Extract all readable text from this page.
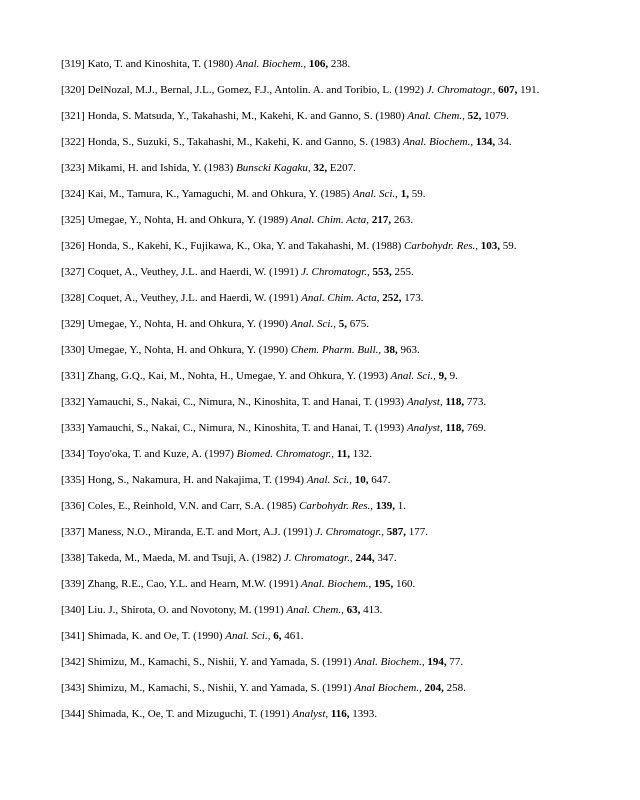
[319] Kato, T. and Kinoshita, T. (1980) Anal. Biochem., 106, 238.
[320] DelNozal, M.J., Bernal, J.L., Gomez, F.J., Antolin. A. and Toribio, L. (1992) J. Chromatogr., 607, 191.
[321] Honda, S. Matsuda, Y., Takahashi, M., Kakehi, K. and Ganno, S. (1980) Anal. Chem., 52, 1079.
[322] Honda, S., Suzuki, S., Takahashi, M., Kakehi, K. and Ganno, S. (1983) Anal. Biochem., 134, 34.
[323] Mikami, H. and Ishida, Y. (1983) Bunscki Kagaku, 32, E207.
[324] Kai, M., Tamura, K., Yamaguchi, M. and Ohkura, Y. (1985) Anal. Sci., 1, 59.
[325] Umegae, Y., Nohta, H. and Ohkura, Y. (1989) Anal. Chim. Acta, 217, 263.
[326] Honda, S., Kakehi, K., Fujikawa, K., Oka, Y. and Takahashi, M. (1988) Carbohydr. Res., 103, 59.
[327] Coquet, A., Veuthey, J.L. and Haerdi, W. (1991) J. Chromatogr., 553, 255.
[328] Coquet, A., Veuthey, J.L. and Haerdi, W. (1991) Anal. Chim. Acta, 252, 173.
[329] Umegae, Y., Nohta, H. and Ohkura, Y. (1990) Anal. Sci., 5, 675.
[330] Umegae, Y., Nohta, H. and Ohkura, Y. (1990) Chem. Pharm. Bull., 38, 963.
[331] Zhang, G.Q., Kai, M., Nohta, H., Umegae, Y. and Ohkura, Y. (1993) Anal. Sci., 9, 9.
[332] Yamauchi, S., Nakai, C., Nimura, N., Kinoshita, T. and Hanai, T. (1993) Analyst, 118, 773.
[333] Yamauchi, S., Nakai, C., Nimura, N., Kinoshita, T. and Hanai, T. (1993) Analyst, 118, 769.
[334] Toyo'oka, T. and Kuze, A. (1997) Biomed. Chromatogr., 11, 132.
[335] Hong, S., Nakamura, H. and Nakajima, T. (1994) Anal. Sci., 10, 647.
[336] Coles, E., Reinhold, V.N. and Carr, S.A. (1985) Carbohydr. Res., 139, 1.
[337] Maness, N.O., Miranda, E.T. and Mort, A.J. (1991) J. Chromatogr., 587, 177.
[338] Takeda, M., Maeda, M. and Tsuji, A. (1982) J. Chromatogr., 244, 347.
[339] Zhang, R.E., Cao, Y.L. and Hearn, M.W. (1991) Anal. Biochem., 195, 160.
[340] Liu. J., Shirota, O. and Novotony, M. (1991) Anal. Chem., 63, 413.
[341] Shimada, K. and Oe, T. (1990) Anal. Sci., 6, 461.
[342] Shimizu, M., Kamachi, S., Nishii, Y. and Yamada, S. (1991) Anal. Biochem., 194, 77.
[343] Shimizu, M., Kamachi, S., Nishii, Y. and Yamada, S. (1991) Anal Biochem., 204, 258.
[344] Shimada, K., Oe, T. and Mizuguchi, T. (1991) Analyst, 116, 1393.
